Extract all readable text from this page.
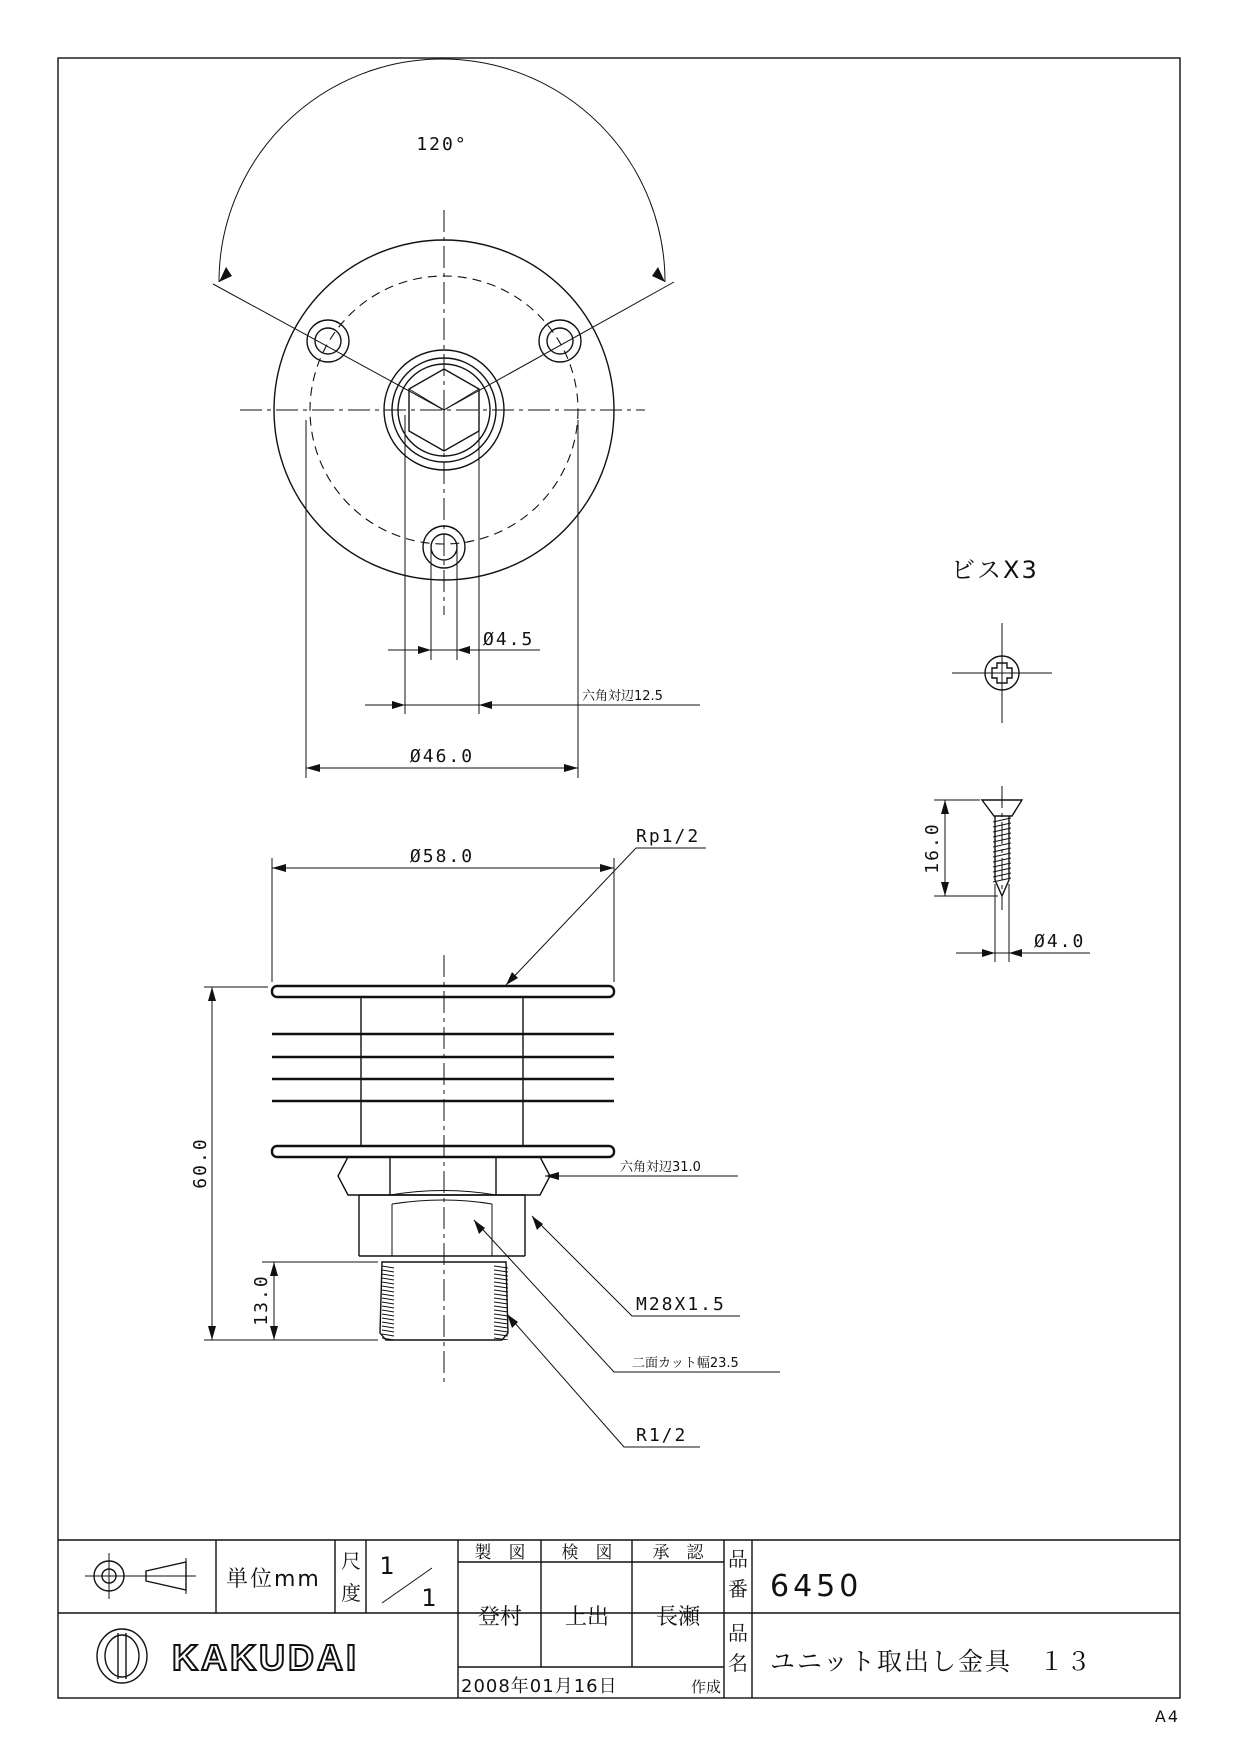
120°
Ø4.5
六角対辺12.5
Ø46.0
Ø58.0
Rp1/2
60.0
13.0
六角対辺31.0
M28X1.5
二面カット幅23.5
R1/2
ビスX3
16.0
Ø4.0
単位mm
尺
度
1
1
製　図 検　図 承　認
登村 上出 長瀬
2008年01月16日	作成
品
番 6450
品
名 ユニット取出し金具　１３
KAKUDAI
A4
